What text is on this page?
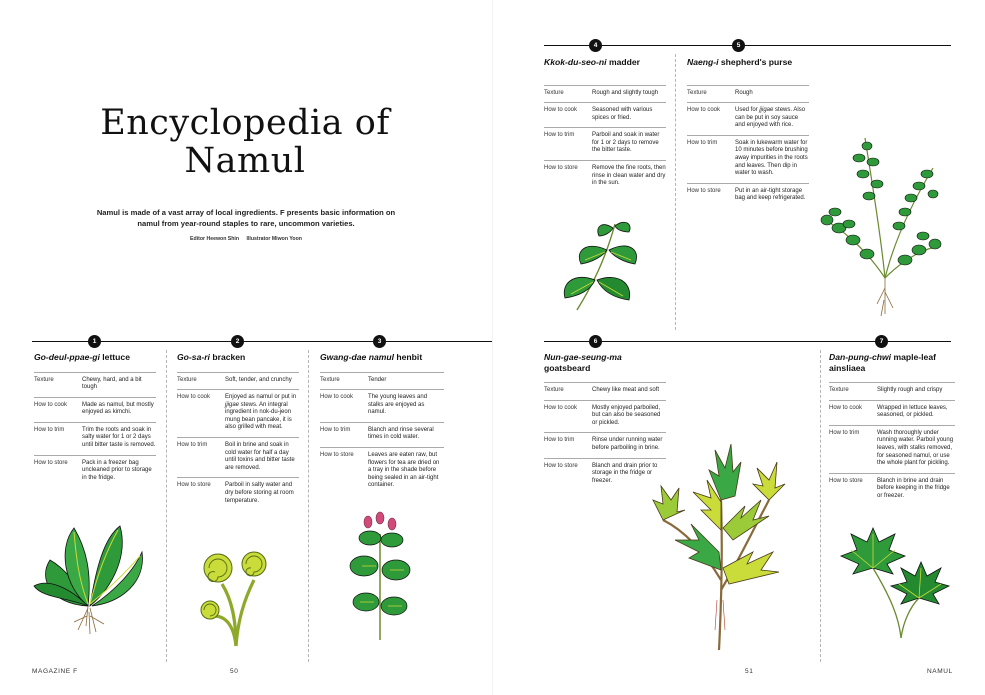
Encyclopedia of
Namul
Namul is made of a vast array of local ingredients. F presents basic information on namul from year-round staples to rare, uncommon varieties.
Editor Heewon Shin Illustrator Miwon Yoon
1	2	3
Go-deul-ppae-gi lettuce
Texture	Chewy, hard, and a bit tough
How to cook	Made as namul, but mostly enjoyed as kimchi.
How to trim	Trim the roots and soak in salty water for 1 or 2 days until bitter taste is removed.
How to store	Pack in a freezer bag uncleaned prior to storage in the fridge.
Go-sa-ri bracken
Texture	Soft, tender, and crunchy
How to cook	Enjoyed as namul or put in jjigae stews. An integral ingredient in nok-du-jeon mung bean pancake, it is also grilled with meat.
How to trim	Boil in brine and soak in cold water for half a day until toxins and bitter taste are removed.
How to store	Parboil in salty water and dry before storing at room temperature.
Gwang-dae namul henbit
Texture	Tender
How to cook	The young leaves and stalks are enjoyed as namul.
How to trim	Blanch and rinse several times in cold water.
How to store	Leaves are eaten raw, but flowers for tea are dried on a tray in the shade before being sealed in an air-tight container.
MAGAZINE F	50
4	5
Kkok-du-seo-ni madder
Texture	Rough and slightly tough
How to cook	Seasoned with various spices or fried.
How to trim	Parboil and soak in water for 1 or 2 days to remove the bitter taste.
How to store	Remove the fine roots, then rinse in clean water and dry in the sun.
Naeng-i shepherd's purse
Texture	Rough
How to cook	Used for jjigae stews. Also can be put in soy sauce and enjoyed with rice.
How to trim	Soak in lukewarm water for 10 minutes before brushing away impurities in the roots and leaves. Then dip in water to wash.
How to store	Put in an air-tight storage bag and keep refrigerated.
6	7
Nun-gae-seung-ma goatsbeard
Texture	Chewy like meat and soft
How to cook	Mostly enjoyed parboiled, but can also be seasoned or pickled.
How to trim	Rinse under running water before parboiling in brine.
How to store	Blanch and drain prior to storage in the fridge or freezer.
Dan-pung-chwi maple-leaf ainsliaea
Texture	Slightly rough and crispy
How to cook	Wrapped in lettuce leaves, seasoned, or pickled.
How to trim	Wash thoroughly under running water. Parboil young leaves, with stalks removed, for seasoned namul, or use the whole plant for pickling.
How to store	Blanch in brine and drain before keeping in the fridge or freezer.
51	NAMUL
